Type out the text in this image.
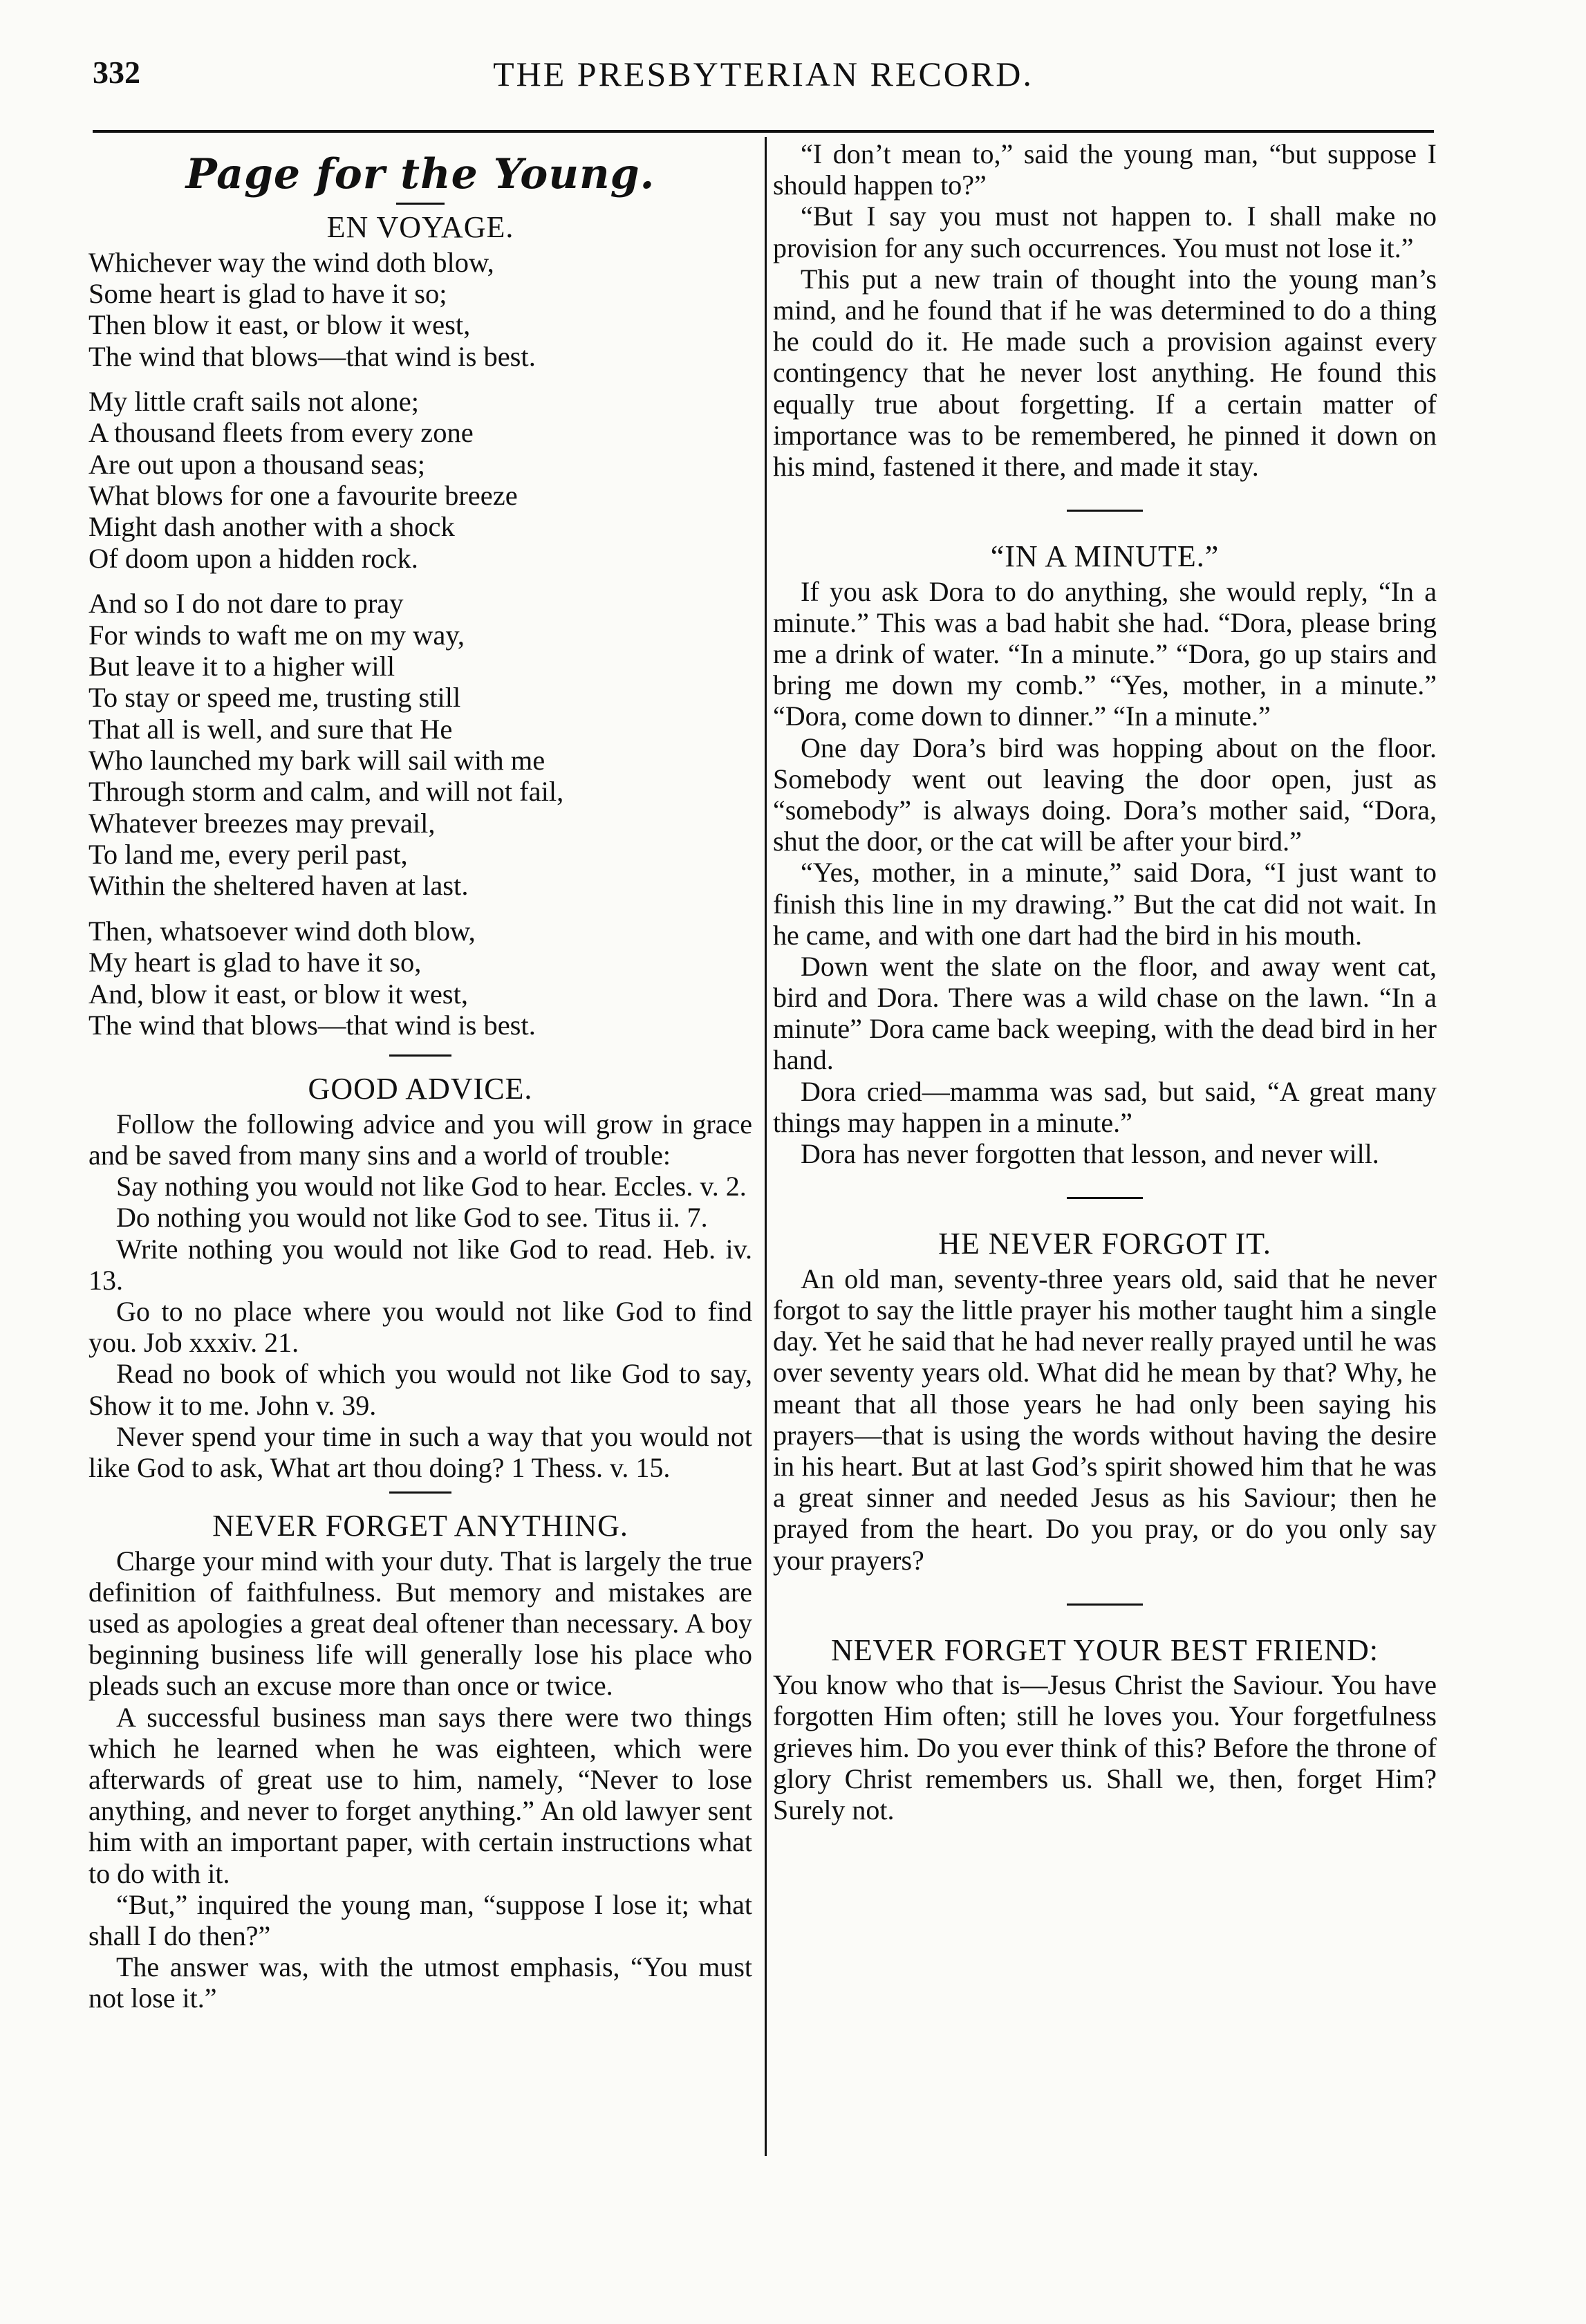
332	THE PRESBYTERIAN RECORD.
Page for the Young.
EN VOYAGE.
Whichever way the wind doth blow,
Some heart is glad to have it so;
Then blow it east, or blow it west,
The wind that blows—that wind is best.
My little craft sails not alone;
A thousand fleets from every zone
Are out upon a thousand seas;
What blows for one a favourite breeze
Might dash another with a shock
Of doom upon a hidden rock.
And so I do not dare to pray
For winds to waft me on my way,
But leave it to a higher will
To stay or speed me, trusting still
That all is well, and sure that He
Who launched my bark will sail with me
Through storm and calm, and will not fail,
Whatever breezes may prevail,
To land me, every peril past,
Within the sheltered haven at last.
Then, whatsoever wind doth blow,
My heart is glad to have it so,
And, blow it east, or blow it west,
The wind that blows—that wind is best.
GOOD ADVICE.

Follow the following advice and you will grow in grace and be saved from many sins and a world of trouble:

Say nothing you would not like God to hear. Eccles. v. 2.

Do nothing you would not like God to see. Titus ii. 7.

Write nothing you would not like God to read. Heb. iv. 13.

Go to no place where you would not like God to find you. Job xxxiv. 21.

Read no book of which you would not like God to say, Show it to me. John v. 39.

Never spend your time in such a way that you would not like God to ask, What art thou doing? 1 Thess. v. 15.

NEVER FORGET ANYTHING.

Charge your mind with your duty. That is largely the true definition of faithfulness. But memory and mistakes are used as apologies a great deal oftener than necessary. A boy beginning business life will generally lose his place who pleads such an excuse more than once or twice.

A successful business man says there were two things which he learned when he was eighteen, which were afterwards of great use to him, namely, “Never to lose anything, and never to forget anything.” An old lawyer sent him with an important paper, with certain instructions what to do with it.

“But,” inquired the young man, “suppose I lose it; what shall I do then?”

The answer was, with the utmost emphasis, “You must not lose it.”

“I don’t mean to,” said the young man, “but suppose I should happen to?”

“But I say you must not happen to. I shall make no provision for any such occurrences. You must not lose it.”

This put a new train of thought into the young man’s mind, and he found that if he was determined to do a thing he could do it. He made such a provision against every contingency that he never lost anything. He found this equally true about forgetting. If a certain matter of importance was to be remembered, he pinned it down on his mind, fastened it there, and made it stay.

“IN A MINUTE.”

If you ask Dora to do anything, she would reply, “In a minute.” This was a bad habit she had. “Dora, please bring me a drink of water. “In a minute.” “Dora, go up stairs and bring me down my comb.” “Yes, mother, in a minute.” “Dora, come down to dinner.” “In a minute.”

One day Dora’s bird was hopping about on the floor. Somebody went out leaving the door open, just as “somebody” is always doing. Dora’s mother said, “Dora, shut the door, or the cat will be after your bird.”

“Yes, mother, in a minute,” said Dora, “I just want to finish this line in my drawing.” But the cat did not wait. In he came, and with one dart had the bird in his mouth.

Down went the slate on the floor, and away went cat, bird and Dora. There was a wild chase on the lawn. “In a minute” Dora came back weeping, with the dead bird in her hand.

Dora cried—mamma was sad, but said, “A great many things may happen in a minute.”

Dora has never forgotten that lesson, and never will.

HE NEVER FORGOT IT.

An old man, seventy-three years old, said that he never forgot to say the little prayer his mother taught him a single day. Yet he said that he had never really prayed until he was over seventy years old. What did he mean by that? Why, he meant that all those years he had only been saying his prayers—that is using the words without having the desire in his heart. But at last God’s spirit showed him that he was a great sinner and needed Jesus as his Saviour; then he prayed from the heart. Do you pray, or do you only say your prayers?

NEVER FORGET YOUR BEST FRIEND:

You know who that is—Jesus Christ the Saviour. You have forgotten Him often; still he loves you. Your forgetfulness grieves him. Do you ever think of this? Before the throne of glory Christ remembers us. Shall we, then, forget Him? Surely not.
